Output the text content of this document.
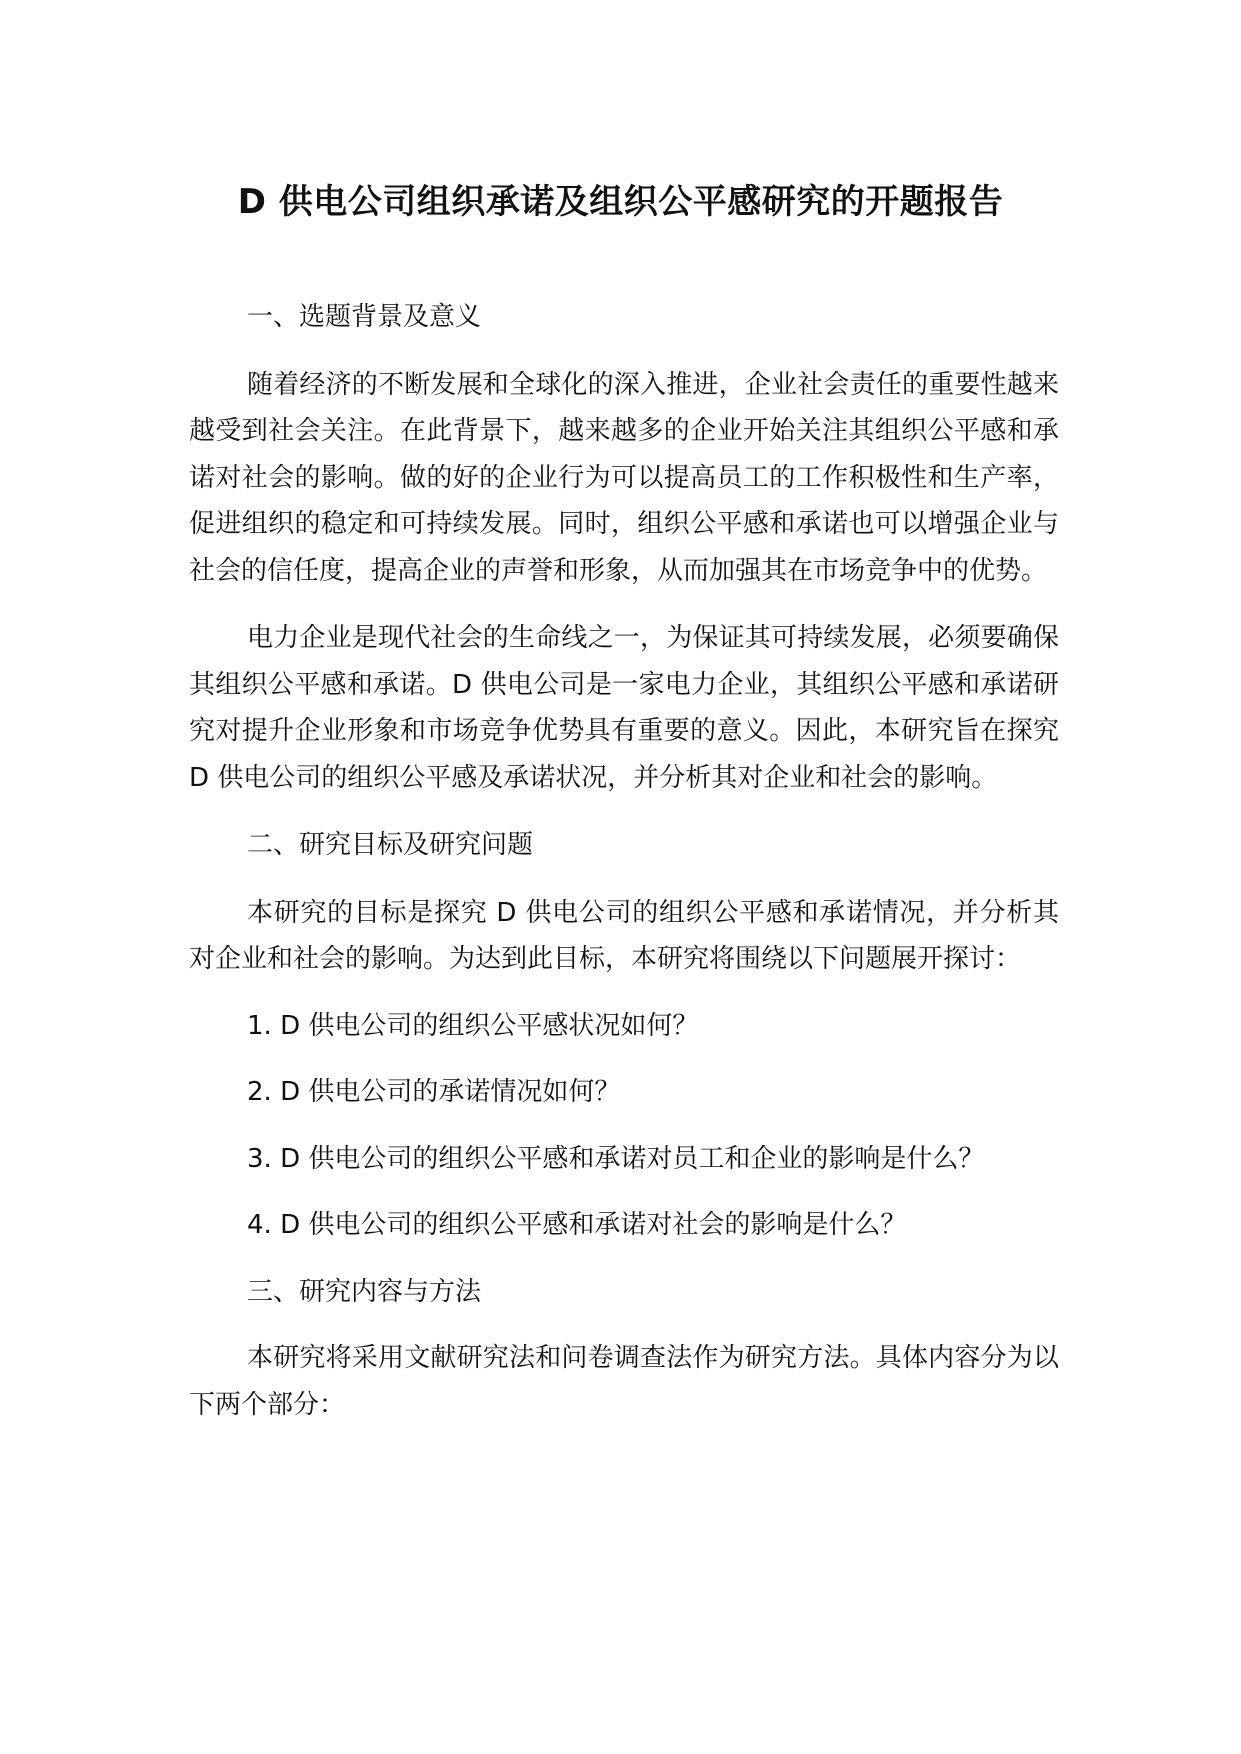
D 供电公司组织承诺及组织公平感研究的开题报告

一、选题背景及意义

随着经济的不断发展和全球化的深入推进，企业社会责任的重要性越来越受到社会关注。在此背景下，越来越多的企业开始关注其组织公平感和承诺对社会的影响。做的好的企业行为可以提高员工的工作积极性和生产率，促进组织的稳定和可持续发展。同时，组织公平感和承诺也可以增强企业与社会的信任度，提高企业的声誉和形象，从而加强其在市场竞争中的优势。

电力企业是现代社会的生命线之一，为保证其可持续发展，必须要确保其组织公平感和承诺。D 供电公司是一家电力企业，其组织公平感和承诺研究对提升企业形象和市场竞争优势具有重要的意义。因此，本研究旨在探究 D 供电公司的组织公平感及承诺状况，并分析其对企业和社会的影响。

二、研究目标及研究问题

本研究的目标是探究 D 供电公司的组织公平感和承诺情况，并分析其对企业和社会的影响。为达到此目标，本研究将围绕以下问题展开探讨：

1. D 供电公司的组织公平感状况如何？

2. D 供电公司的承诺情况如何？

3. D 供电公司的组织公平感和承诺对员工和企业的影响是什么？

4. D 供电公司的组织公平感和承诺对社会的影响是什么？

三、研究内容与方法

本研究将采用文献研究法和问卷调查法作为研究方法。具体内容分为以下两个部分：
